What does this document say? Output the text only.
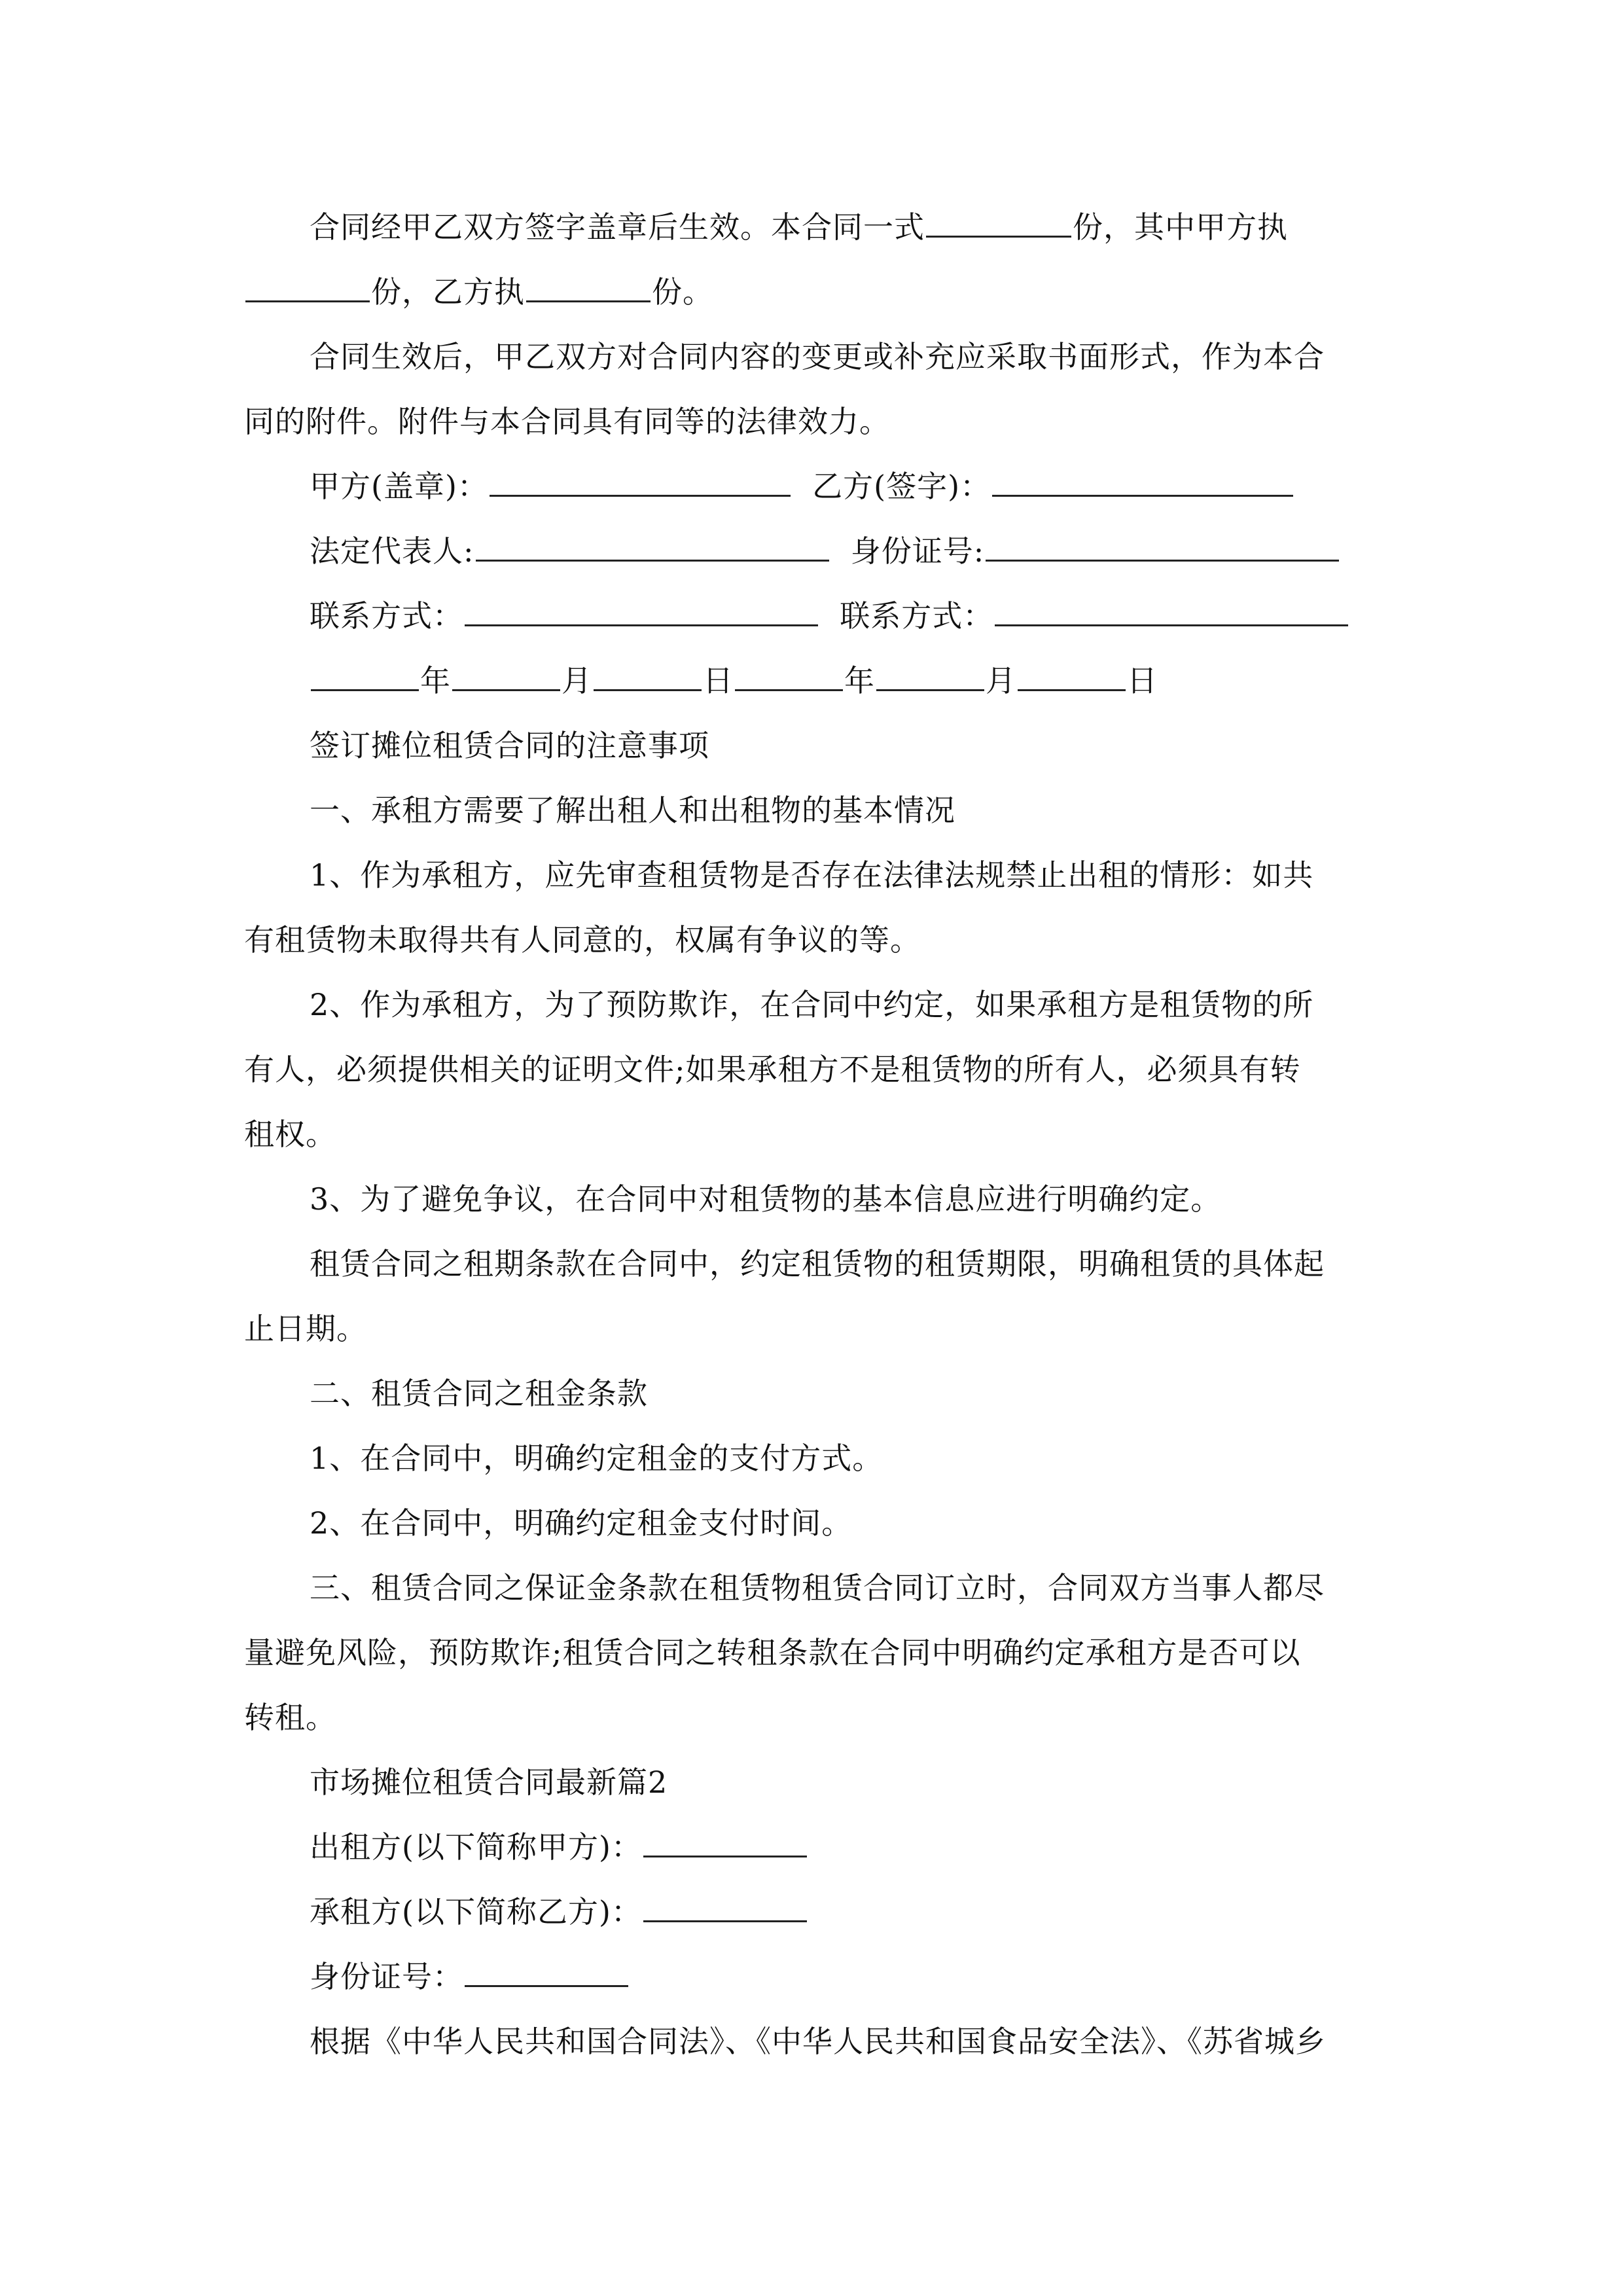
合同经甲乙双方签字盖章后生效。本合同一式	份，其中甲方执
份，乙方执	份。
合同生效后，甲乙双方对合同内容的变更或补充应采取书面形式，作为本合
同的附件。附件与本合同具有同等的法律效力。
甲方(盖章)：	乙方(签字)：
法定代表人:	身份证号:
联系方式：	联系方式：
年	月	日	年	月	日
签订摊位租赁合同的注意事项
一、承租方需要了解出租人和出租物的基本情况
1、作为承租方，应先审查租赁物是否存在法律法规禁止出租的情形：如共
有租赁物未取得共有人同意的，权属有争议的等。
2、作为承租方，为了预防欺诈，在合同中约定，如果承租方是租赁物的所
有人，必须提供相关的证明文件;如果承租方不是租赁物的所有人，必须具有转
租权。
3、为了避免争议，在合同中对租赁物的基本信息应进行明确约定。
租赁合同之租期条款在合同中，约定租赁物的租赁期限，明确租赁的具体起
止日期。
二、租赁合同之租金条款
1、在合同中，明确约定租金的支付方式。
2、在合同中，明确约定租金支付时间。
三、租赁合同之保证金条款在租赁物租赁合同订立时，合同双方当事人都尽
量避免风险，预防欺诈;租赁合同之转租条款在合同中明确约定承租方是否可以
转租。
市场摊位租赁合同最新篇2
出租方(以下简称甲方)：
承租方(以下简称乙方)：
身份证号：
根据《中华人民共和国合同法》、《中华人民共和国食品安全法》、《苏省城乡
